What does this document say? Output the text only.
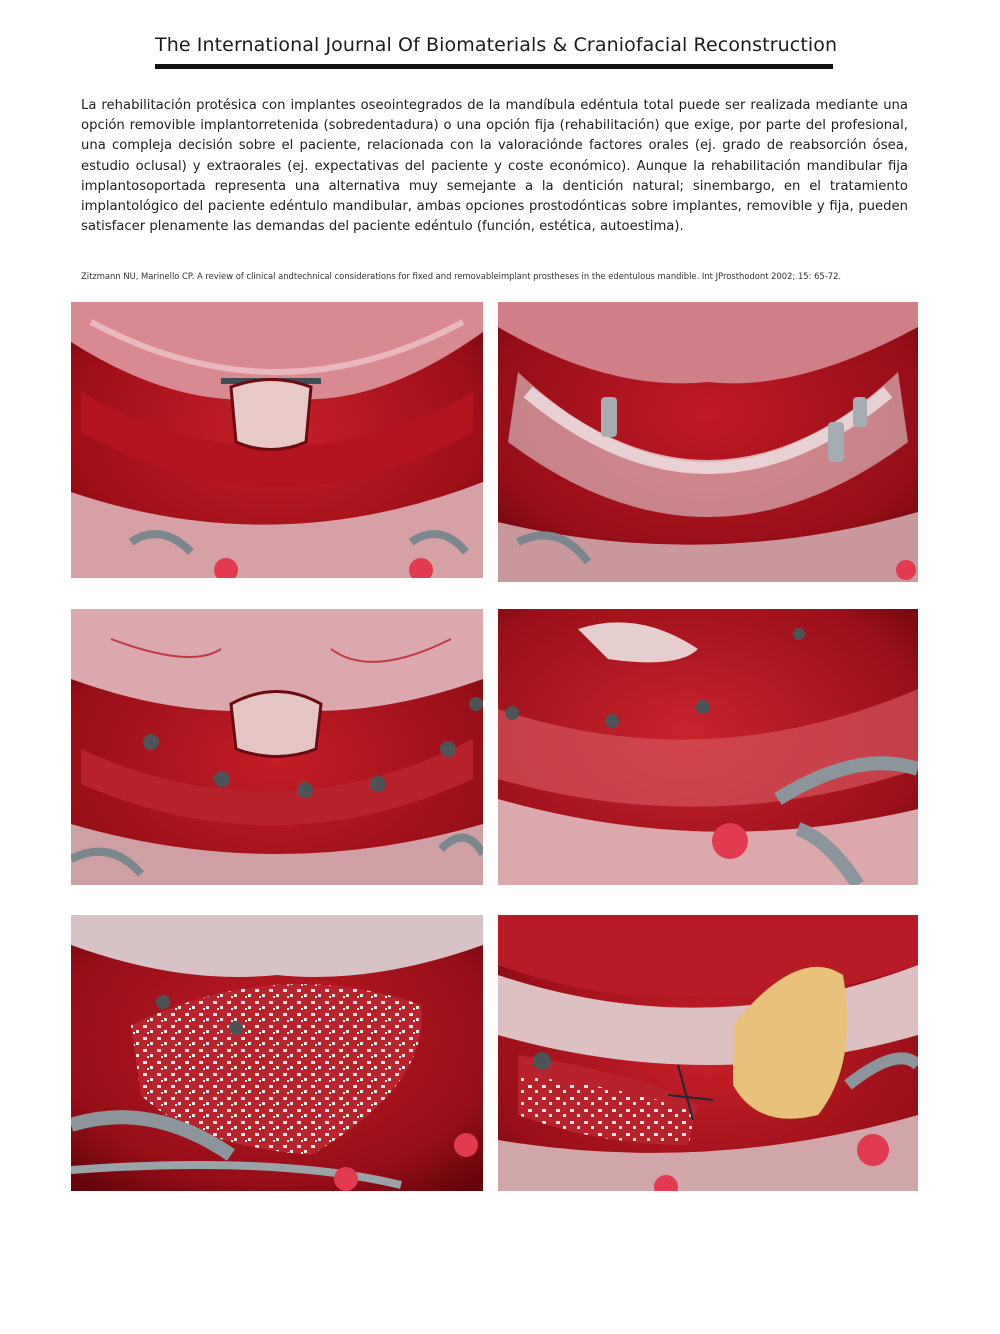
The International Journal Of Biomaterials & Craniofacial Reconstruction

La rehabilitación protésica con implantes oseointegrados de la mandíbula edéntula total puede ser realizada mediante una opción removible implantorretenida (sobredentadura) o una opción fija (rehabilitación) que exige, por parte del profesional, una compleja decisión sobre el paciente, relacionada con la valoraciónde factores orales (ej. grado de reabsorción ósea, estudio oclusal) y extraorales (ej. expectativas del paciente y coste económico). Aunque la rehabilitación mandibular fija implantosoportada representa una alternativa muy semejante a la dentición natural; sinembargo, en el tratamiento implantológico del paciente edéntulo mandibular, ambas opciones prostodónticas sobre implantes, removible y fija, pueden satisfacer plenamente las demandas del paciente edéntulo (función, estética, autoestima).

Zitzmann NU, Marinello CP. A review of clinical andtechnical considerations for fixed and removableimplant prostheses in the edentulous mandible. Int JProsthodont 2002; 15: 65-72.
